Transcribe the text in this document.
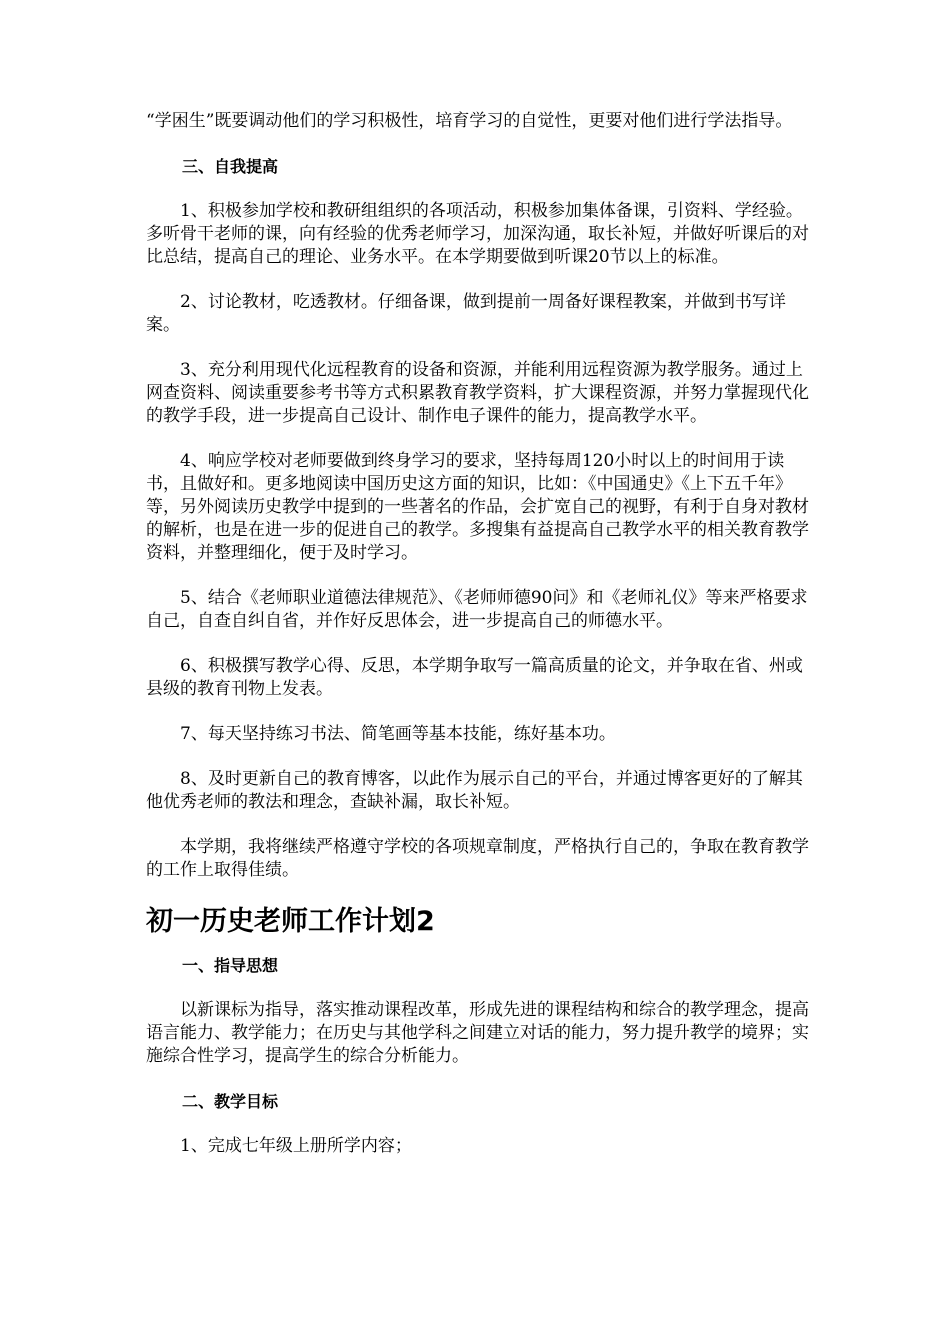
“学困生”既要调动他们的学习积极性，培育学习的自觉性，更要对他们进行学法指导。

三、自我提高

1、积极参加学校和教研组组织的各项活动，积极参加集体备课，引资料、学经验。多听骨干老师的课，向有经验的优秀老师学习，加深沟通，取长补短，并做好听课后的对比总结，提高自己的理论、业务水平。在本学期要做到听课20节以上的标准。

2、讨论教材，吃透教材。仔细备课，做到提前一周备好课程教案，并做到书写详案。

3、充分利用现代化远程教育的设备和资源，并能利用远程资源为教学服务。通过上网查资料、阅读重要参考书等方式积累教育教学资料，扩大课程资源，并努力掌握现代化的教学手段，进一步提高自己设计、制作电子课件的能力，提高教学水平。

4、响应学校对老师要做到终身学习的要求，坚持每周120小时以上的时间用于读书，且做好和。更多地阅读中国历史这方面的知识，比如：《中国通史》《上下五千年》等，另外阅读历史教学中提到的一些著名的作品，会扩宽自己的视野，有利于自身对教材的解析，也是在进一步的促进自己的教学。多搜集有益提高自己教学水平的相关教育教学资料，并整理细化，便于及时学习。

5、结合《老师职业道德法律规范》、《老师师德90问》和《老师礼仪》等来严格要求自己，自查自纠自省，并作好反思体会，进一步提高自己的师德水平。

6、积极撰写教学心得、反思，本学期争取写一篇高质量的论文，并争取在省、州或县级的教育刊物上发表。

7、每天坚持练习书法、简笔画等基本技能，练好基本功。

8、及时更新自己的教育博客，以此作为展示自己的平台，并通过博客更好的了解其他优秀老师的教法和理念，查缺补漏，取长补短。

本学期，我将继续严格遵守学校的各项规章制度，严格执行自己的，争取在教育教学的工作上取得佳绩。

初一历史老师工作计划2

一、指导思想

以新课标为指导，落实推动课程改革，形成先进的课程结构和综合的教学理念，提高语言能力、教学能力；在历史与其他学科之间建立对话的能力，努力提升教学的境界；实施综合性学习，提高学生的综合分析能力。

二、教学目标

1、完成七年级上册所学内容；
